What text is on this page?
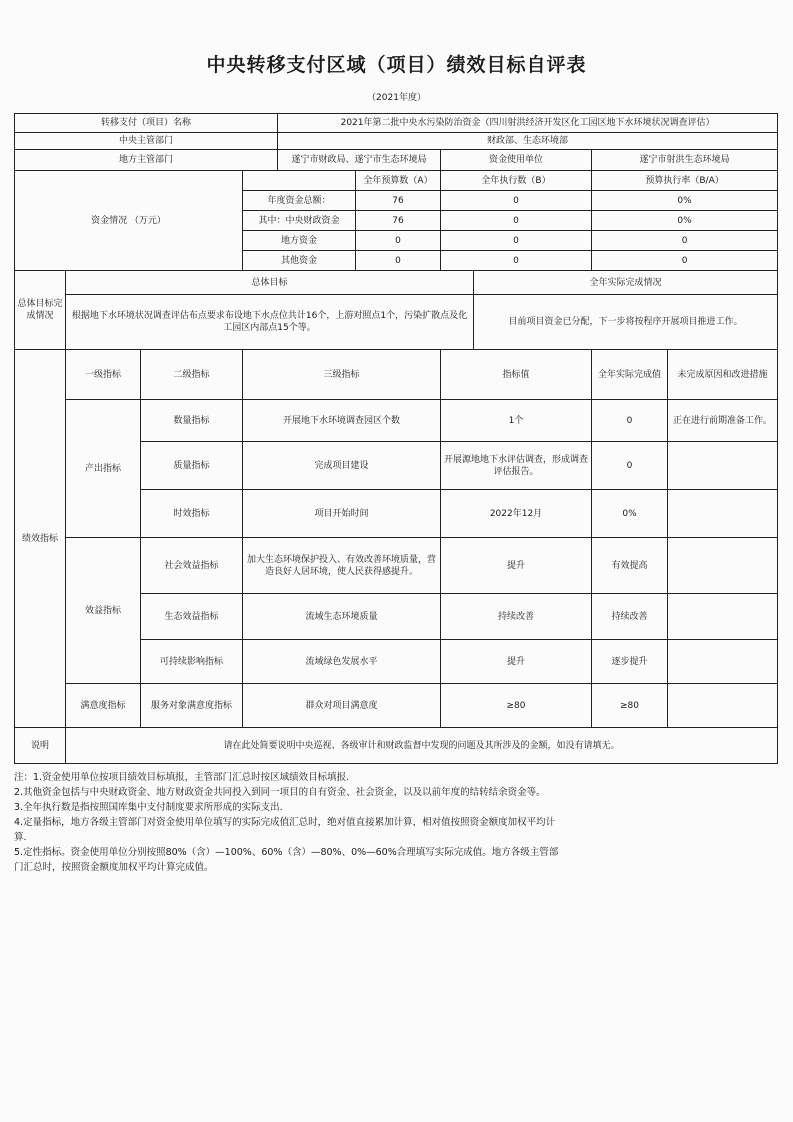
中央转移支付区域（项目）绩效目标自评表
（2021年度）
转移支付（项目）名称				2021年第二批中央水污染防治资金（四川射洪经济开发区化工园区地下水环境状况调查评估）					
中央主管部门				财政部、生态环境部					
地方主管部门				遂宁市财政局、遂宁市生态环境局		资金使用单位		遂宁市射洪生态环境局	
资金情况 （万元）					全年预算数（A）	全年执行数（B）		预算执行率（B/A）	
			年度资金总额：		76	0		0%	
			其中：中央财政资金		76	0		0%	
			地方资金		0	0		0	
			其他资金		0	0		0	
总体目标完成情况	总体目标						全年实际完成情况		
	根据地下水环境状况调查评估布点要求布设地下水点位共计16个，上游对照点1个，污染扩散点及化工园区内部点15个等。						目前项目资金已分配，下一步将按程序开展项目推进工作。		
绩效指标	一级指标	二级指标	三级指标			指标值		全年实际完成值	未完成原因和改进措施
	产出指标	数量指标	开展地下水环境调查园区个数			1个		0	正在进行前期准备工作。
		质量指标	完成项目建设			开展源地地下水评估调查，形成调查评估报告。		0	
		时效指标	项目开始时间			2022年12月		0%	
	效益指标	社会效益指标	加大生态环境保护投入、有效改善环境质量，营造良好人居环境，使人民获得感提升。			提升		有效提高	
		生态效益指标	流域生态环境质量			持续改善		持续改善	
		可持续影响指标	流域绿色发展水平			提升		逐步提升	
	满意度指标	服务对象满意度指标	群众对项目满意度			≥80		≥80	
说明	请在此处简要说明中央巡视、各级审计和财政监督中发现的问题及其所涉及的金额，如没有请填无。								
注：1.资金使用单位按项目绩效目标填报，主管部门汇总时按区域绩效目标填报.
2.其他资金包括与中央财政资金、地方财政资金共同投入到同一项目的自有资金、社会资金，以及以前年度的结转结余资金等。
3.全年执行数是指按照国库集中支付制度要求所形成的实际支出.
4.定量指标，地方各级主管部门对资金使用单位填写的实际完成值汇总时，绝对值直接累加计算，相对值按照资金额度加权平均计算.
5.定性指标。资金使用单位分别按照80%（含）—100%、60%（含）—80%、0%—60%合理填写实际完成值。地方各级主管部门汇总时，按照资金额度加权平均计算完成值。
